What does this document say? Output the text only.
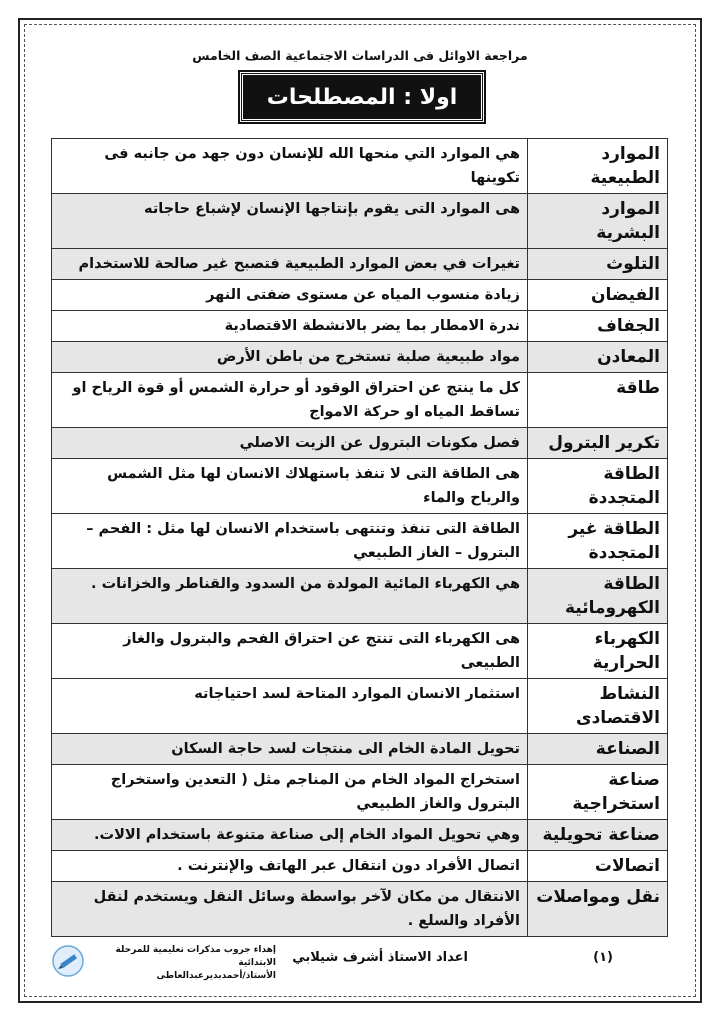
مراجعة الاوائل فى الدراسات الاجتماعية الصف الخامس
اولا : المصطلحات
الموارد الطبيعية	هي الموارد التي منحها الله للإنسان دون جهد من جانبه فى تكوينها
الموارد البشرية	هى الموارد التى يقوم بإنتاجها الإنسان لإشباع حاجاته
التلوث	تغيرات في بعض الموارد الطبيعية فتصبح غير صالحة للاستخدام
الفيضان	زيادة منسوب المياه عن مستوى ضفتى النهر
الجفاف	ندرة الامطار بما يضر بالانشطة الاقتصادية
المعادن	مواد طبيعية صلبة تستخرج من باطن الأرض
طاقة	كل ما ينتج عن احتراق الوقود أو حرارة الشمس أو قوة الرياح او تساقط المياه او حركة الامواج
تكرير البترول	فصل مكونات البترول عن الزيت الاصلي
الطاقة المتجددة	هى الطاقة التى لا تنفذ باستهلاك الانسان لها مثل الشمس والرياح والماء
الطاقة غير المتجددة	الطاقة التى تنفذ وتنتهى باستخدام الانسان لها مثل : الفحم – البترول – الغاز الطبيعي
الطاقة الكهرومائية	هي الكهرباء المائية المولدة من السدود والقناطر والخزانات .
الكهرباء الحرارية	هى الكهرباء التى تنتج عن احتراق الفحم والبترول والغاز الطبيعى
النشاط الاقتصادى	استثمار الانسان الموارد المتاحة لسد احتياجاته
الصناعة	تحويل المادة الخام الى منتجات لسد حاجة السكان
صناعة استخراجية	استخراج المواد الخام من المناجم مثل ( التعدين واستخراج البترول والغاز الطبيعي
صناعة تحويلية	وهي تحويل المواد الخام إلى صناعة متنوعة باستخدام الالات.
اتصالات	اتصال الأفراد دون انتقال عبر الهاتف والإنترنت .
نقل ومواصلات	الانتقال من مكان لآخر بواسطة وسائل النقل ويستخدم لنقل الأفراد والسلع .
(١)
اعداد الاستاذ أشرف شيلابي
إهداء جروب مذكرات تعليمية للمرحلة الابتدائية
الأستاذ/أحمدبديرعبدالعاطى
